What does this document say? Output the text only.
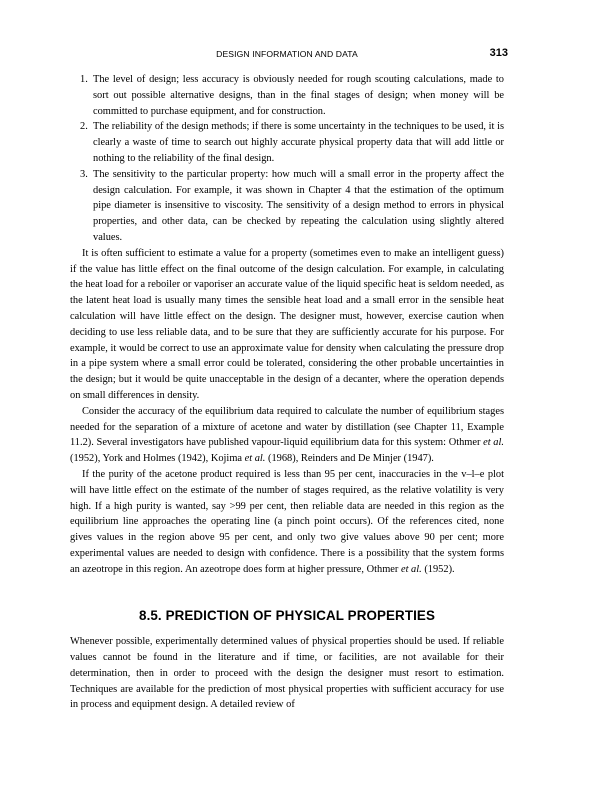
DESIGN INFORMATION AND DATA	313
1. The level of design; less accuracy is obviously needed for rough scouting calculations, made to sort out possible alternative designs, than in the final stages of design; when money will be committed to purchase equipment, and for construction.
2. The reliability of the design methods; if there is some uncertainty in the techniques to be used, it is clearly a waste of time to search out highly accurate physical property data that will add little or nothing to the reliability of the final design.
3. The sensitivity to the particular property: how much will a small error in the property affect the design calculation. For example, it was shown in Chapter 4 that the estimation of the optimum pipe diameter is insensitive to viscosity. The sensitivity of a design method to errors in physical properties, and other data, can be checked by repeating the calculation using slightly altered values.

It is often sufficient to estimate a value for a property (sometimes even to make an intelligent guess) if the value has little effect on the final outcome of the design calculation. For example, in calculating the heat load for a reboiler or vaporiser an accurate value of the liquid specific heat is seldom needed, as the latent heat load is usually many times the sensible heat load and a small error in the sensible heat calculation will have little effect on the design. The designer must, however, exercise caution when deciding to use less reliable data, and to be sure that they are sufficiently accurate for his purpose. For example, it would be correct to use an approximate value for density when calculating the pressure drop in a pipe system where a small error could be tolerated, considering the other probable uncertainties in the design; but it would be quite unacceptable in the design of a decanter, where the operation depends on small differences in density.

Consider the accuracy of the equilibrium data required to calculate the number of equilibrium stages needed for the separation of a mixture of acetone and water by distillation (see Chapter 11, Example 11.2). Several investigators have published vapour-liquid equilibrium data for this system: Othmer et al. (1952), York and Holmes (1942), Kojima et al. (1968), Reinders and De Minjer (1947).

If the purity of the acetone product required is less than 95 per cent, inaccuracies in the v–l–e plot will have little effect on the estimate of the number of stages required, as the relative volatility is very high. If a high purity is wanted, say >99 per cent, then reliable data are needed in this region as the equilibrium line approaches the operating line (a pinch point occurs). Of the references cited, none gives values in the region above 95 per cent, and only two give values above 90 per cent; more experimental values are needed to design with confidence. There is a possibility that the system forms an azeotrope in this region. An azeotrope does form at higher pressure, Othmer et al. (1952).

8.5. PREDICTION OF PHYSICAL PROPERTIES

Whenever possible, experimentally determined values of physical properties should be used. If reliable values cannot be found in the literature and if time, or facilities, are not available for their determination, then in order to proceed with the design the designer must resort to estimation. Techniques are available for the prediction of most physical properties with sufficient accuracy for use in process and equipment design. A detailed review of
